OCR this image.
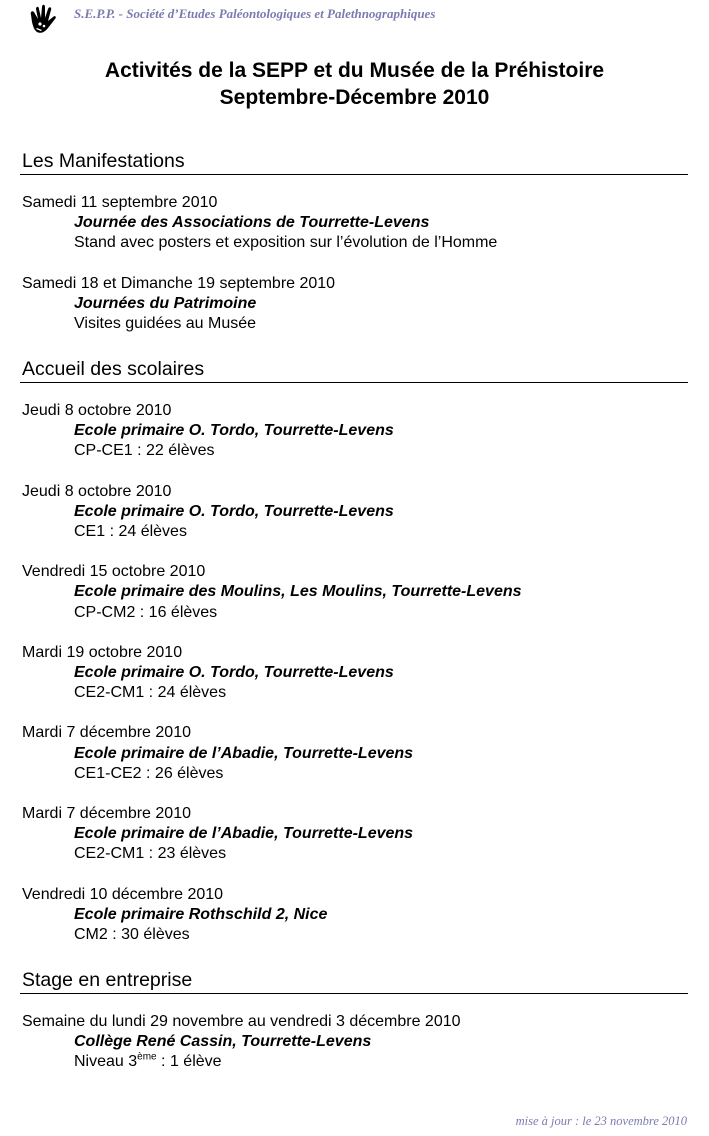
S.E.P.P. - Société d’Etudes Paléontologiques et Palethnographiques
Activités de la SEPP et du Musée de la Préhistoire
Septembre-Décembre 2010
Les Manifestations
Samedi 11 septembre 2010
Journée des Associations de Tourrette-Levens
Stand avec posters et exposition sur l’évolution de l’Homme
Samedi 18 et Dimanche 19 septembre 2010
Journées du Patrimoine
Visites guidées au Musée
Accueil des scolaires
Jeudi 8 octobre 2010
Ecole primaire O. Tordo, Tourrette-Levens
CP-CE1 : 22 élèves
Jeudi 8 octobre 2010
Ecole primaire O. Tordo, Tourrette-Levens
CE1 : 24 élèves
Vendredi 15 octobre 2010
Ecole primaire des Moulins, Les Moulins, Tourrette-Levens
CP-CM2 : 16 élèves
Mardi 19 octobre 2010
Ecole primaire O. Tordo, Tourrette-Levens
CE2-CM1 : 24 élèves
Mardi 7 décembre 2010
Ecole primaire de l’Abadie, Tourrette-Levens
CE1-CE2 : 26 élèves
Mardi 7 décembre 2010
Ecole primaire de l’Abadie, Tourrette-Levens
CE2-CM1 : 23 élèves
Vendredi 10 décembre 2010
Ecole primaire Rothschild 2, Nice
CM2 : 30 élèves
Stage en entreprise
Semaine du lundi 29 novembre au vendredi 3 décembre 2010
Collège René Cassin, Tourrette-Levens
Niveau 3ème : 1 élève
mise à jour : le 23 novembre 2010
